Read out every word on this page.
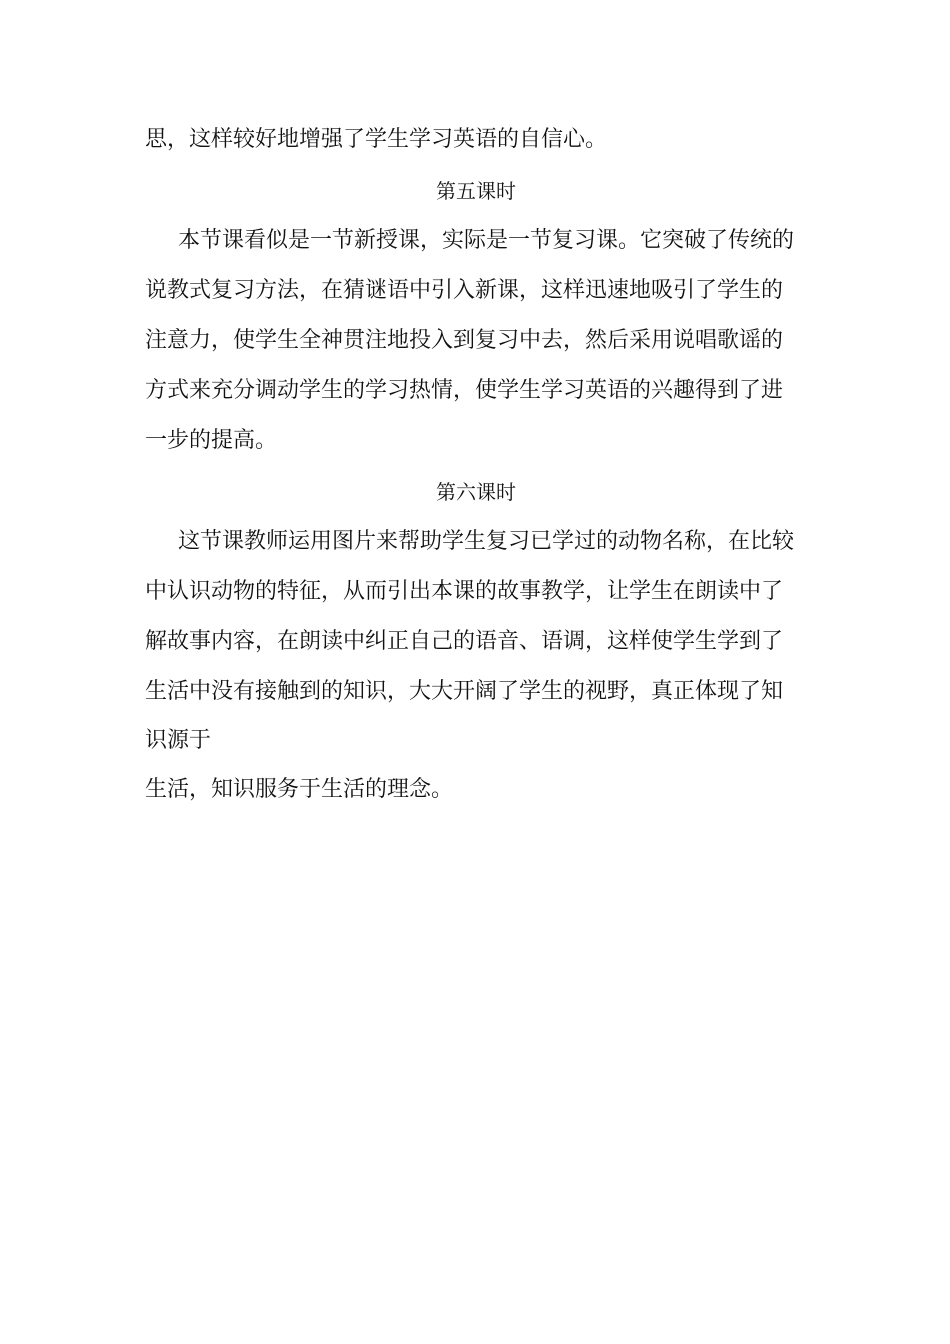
思，这样较好地增强了学生学习英语的自信心。
第五课时
本节课看似是一节新授课，实际是一节复习课。它突破了传统的
说教式复习方法，在猜谜语中引入新课，这样迅速地吸引了学生的
注意力，使学生全神贯注地投入到复习中去，然后采用说唱歌谣的
方式来充分调动学生的学习热情，使学生学习英语的兴趣得到了进
一步的提高。
第六课时
这节课教师运用图片来帮助学生复习已学过的动物名称，在比较
中认识动物的特征，从而引出本课的故事教学，让学生在朗读中了
解故事内容，在朗读中纠正自己的语音、语调，这样使学生学到了
生活中没有接触到的知识，大大开阔了学生的视野，真正体现了知
识源于
生活，知识服务于生活的理念。
